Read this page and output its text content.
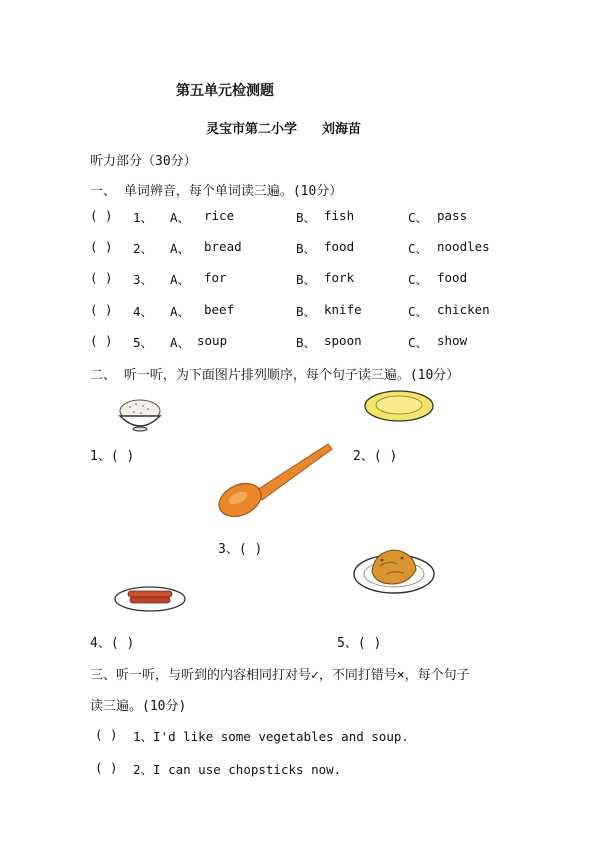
第五单元检测题
灵宝市第二小学 刘海苗
听力部分（30分）
一、 单词辨音，每个单词读三遍。(10分）
( ) 1、 A、 rice	B、 fish	C、 pass
( ) 2、 A、 bread	B、 food	C、 noodles
( ) 3、 A、 for	B、 fork	C、 food
( ) 4、 A、 beef	B、 knife	C、 chicken
( ) 5、 A、 soup	B、 spoon	C、 show
二、 听一听，为下面图片排列顺序，每个句子读三遍。(10分）
1、( )	2、( )
3、( )
4、( )	5、( )
三、听一听，与听到的内容相同打对号✓，不同打错号×，每个句子
读三遍。(10分)
( ) 1、I'd like some vegetables and soup.
( ) 2、I can use chopsticks now.
